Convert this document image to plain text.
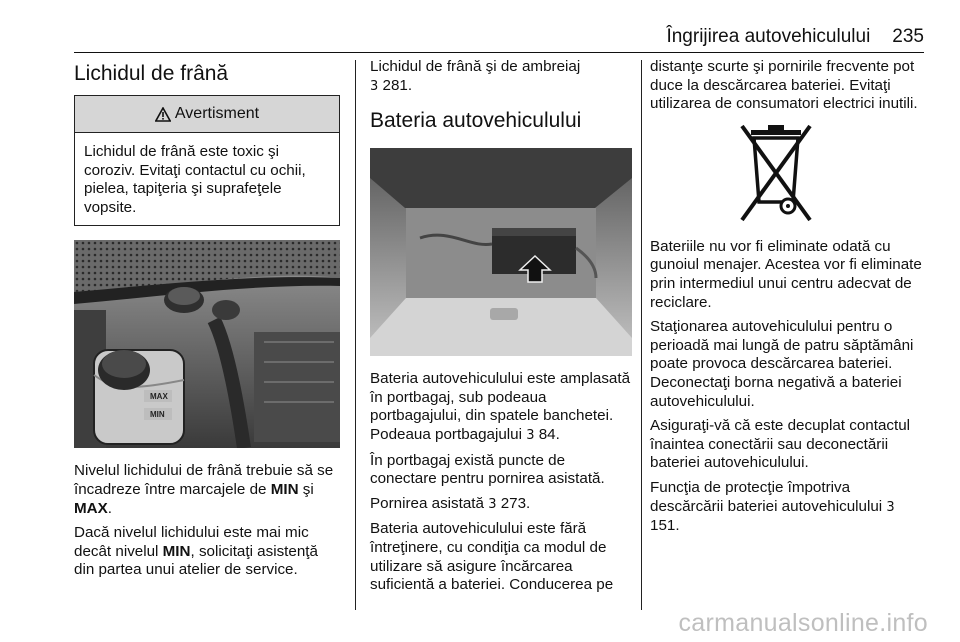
Îngrijirea autovehiculului 235
Lichidul de frână
Avertisment
Lichidul de frână este toxic şi coroziv. Evitaţi contactul cu ochii, pielea, tapiţeria şi suprafeţele vopsite.
MAX
MIN

Nivelul lichidului de frână trebuie să se încadreze între marcajele de MIN şi MAX.

Dacă nivelul lichidului este mai mic decât nivelul MIN, solicitaţi asistenţă din partea unui atelier de service.

Lichidul de frână şi de ambreiaj
3 281.

Bateria autovehiculului

Bateria autovehiculului este amplasată în portbagaj, sub podeaua portbagajului, din spatele banchetei. Podeaua portbagajului 3 84.

În portbagaj există puncte de conectare pentru pornirea asistată.

Pornirea asistată 3 273.

Bateria autovehiculului este fără întreţinere, cu condiţia ca modul de utilizare să asigure încărcarea suficientă a bateriei. Conducerea pe

distanţe scurte şi pornirile frecvente pot duce la descărcarea bateriei. Evitaţi utilizarea de consumatori electrici inutili.

Bateriile nu vor fi eliminate odată cu gunoiul menajer. Acestea vor fi eliminate prin intermediul unui centru adecvat de reciclare.

Staţionarea autovehiculului pentru o perioadă mai lungă de patru săptămâni poate provoca descărcarea bateriei. Deconectaţi borna negativă a bateriei autovehiculului.

Asiguraţi-vă că este decuplat contactul înaintea conectării sau deconectării bateriei autovehiculului.

Funcţia de protecţie împotriva descărcării bateriei autovehiculului 3 151.

carmanualsonline.info
